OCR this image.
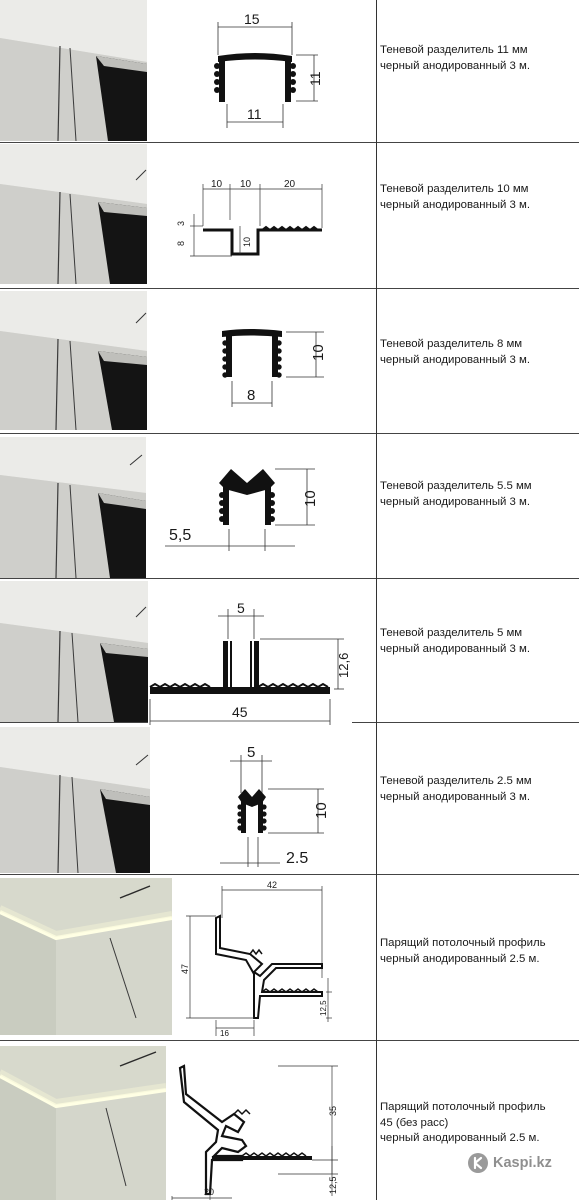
15
11
11
Теневой разделитель 11 мм
черный анодированный 3 м.
10 10	20
3
8	10
Теневой разделитель 10 мм
черный анодированный 3 м.
10
8
Теневой разделитель 8 мм
черный анодированный 3 м.
10
5,5
Теневой разделитель 5.5 мм
черный анодированный 3 м.
5
12,6
45
Теневой разделитель 5 мм
черный анодированный 3 м.
5
10
2.5
Теневой разделитель 2.5 мм
черный анодированный 3 м.
42
47
12,5
16
Парящий потолочный профиль
черный анодированный 2.5 м.
35
12,5
20
Парящий потолочный профиль
45 (без расс)
черный анодированный 2.5 м.
Kaspi.kz
